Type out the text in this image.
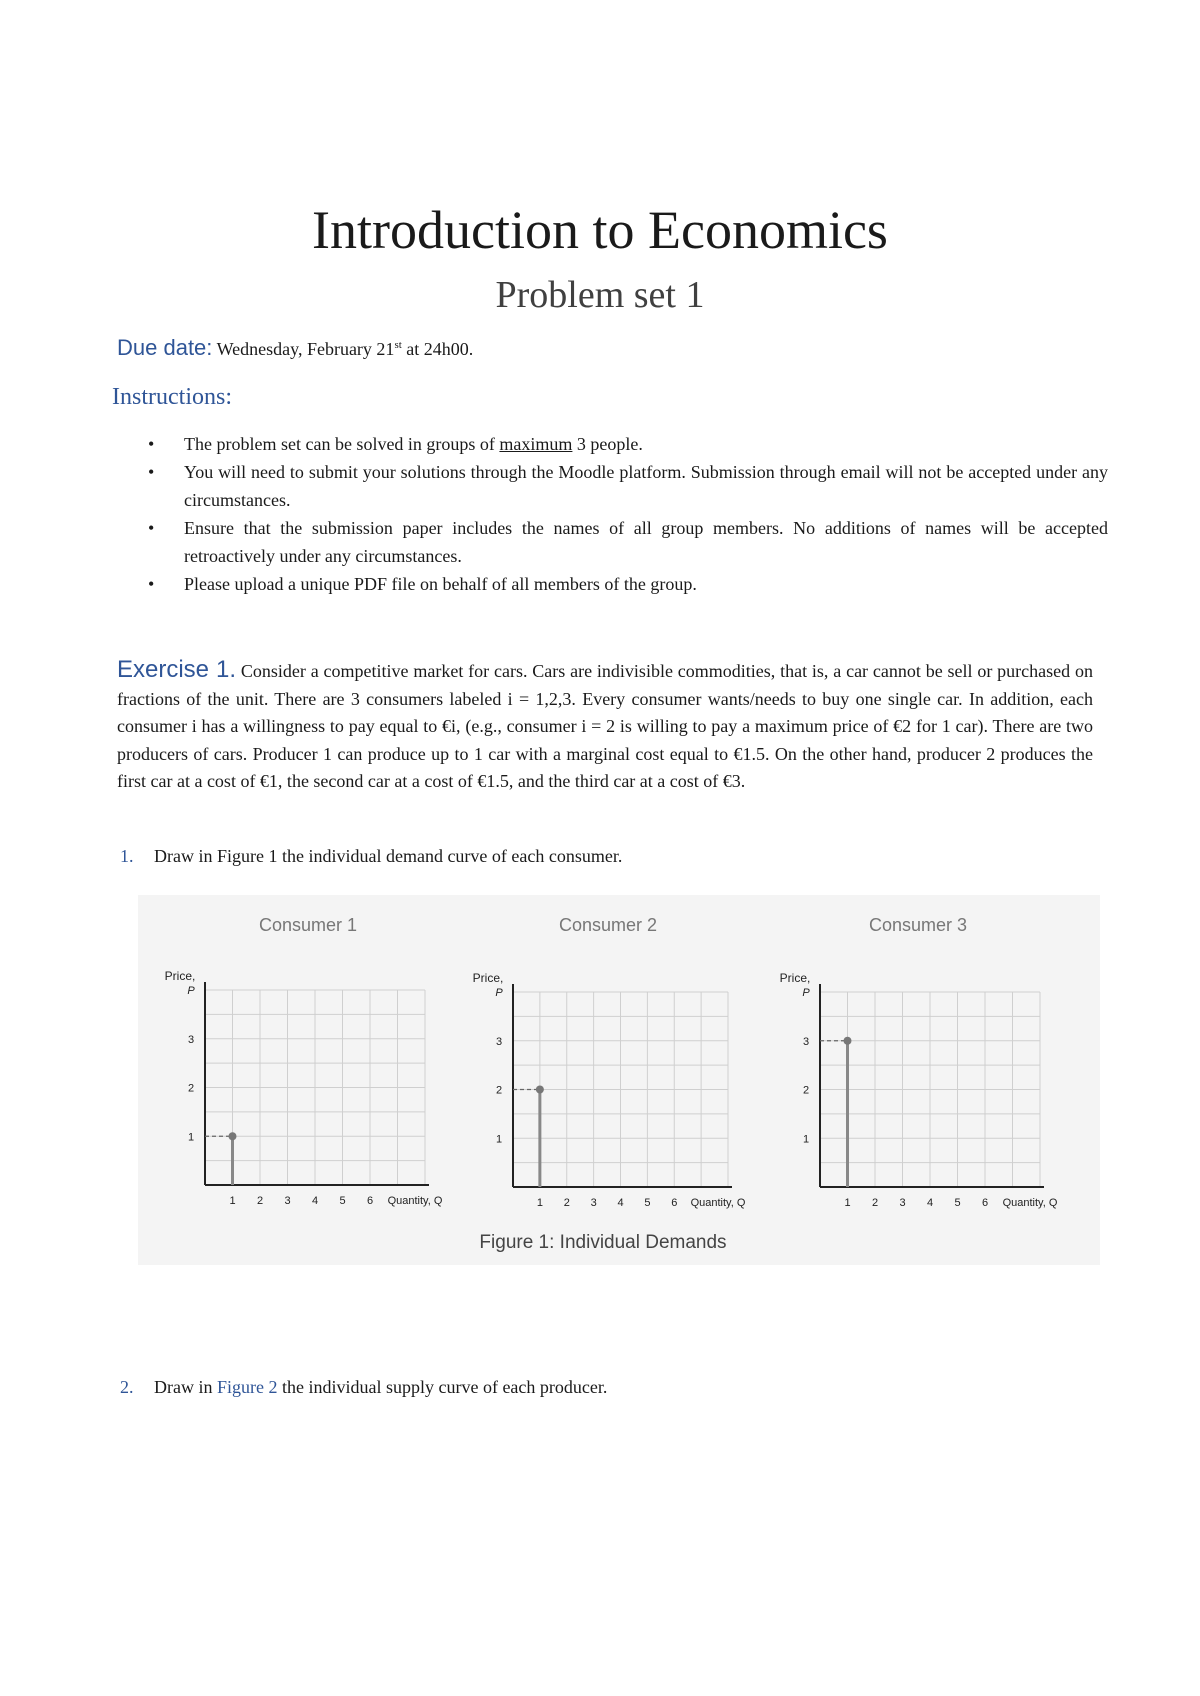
Introduction to Economics
Problem set 1
Due date: Wednesday, February 21st at 24h00.
Instructions:
• The problem set can be solved in groups of maximum 3 people.
• You will need to submit your solutions through the Moodle platform. Submission through email will not be accepted under any circumstances.
• Ensure that the submission paper includes the names of all group members. No additions of names will be accepted retroactively under any circumstances.
• Please upload a unique PDF file on behalf of all members of the group.
Exercise 1. Consider a competitive market for cars. Cars are indivisible commodities, that is, a car cannot be sell or purchased on fractions of the unit. There are 3 consumers labeled i = 1,2,3. Every consumer wants/needs to buy one single car. In addition, each consumer i has a willingness to pay equal to €i, (e.g., consumer i = 2 is willing to pay a maximum price of €2 for 1 car). There are two producers of cars. Producer 1 can produce up to 1 car with a marginal cost equal to €1.5. On the other hand, producer 2 produces the first car at a cost of €1, the second car at a cost of €1.5, and the third car at a cost of €3.
1. Draw in Figure 1 the individual demand curve of each consumer.
Figure 1: Individual Demands
Consumer 1
Price,
P
1
2
3
1 2 3 4 5 6 Quantity, Q
Consumer 2
Price,
P
1
2
3
1 2 3 4 5 6 Quantity, Q
Consumer 3
Price,
P
1
2
3
1 2 3 4 5 6 Quantity, Q
2. Draw in Figure 2 the individual supply curve of each producer.
